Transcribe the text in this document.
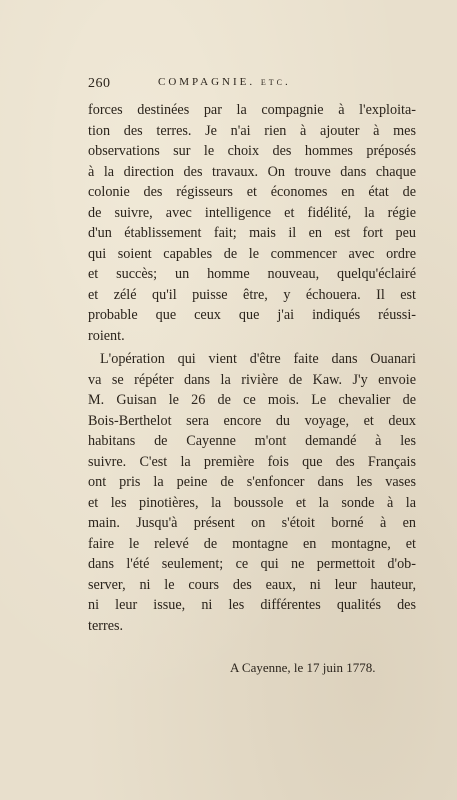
260	COMPAGNIE. etc.
forces destinées par la compagnie à l'exploita-
tion des terres. Je n'ai rien à ajouter à mes
observations sur le choix des hommes préposés
à la direction des travaux. On trouve dans chaque
colonie des régisseurs et économes en état de
de suivre, avec intelligence et fidélité, la régie
d'un établissement fait; mais il en est fort peu
qui soient capables de le commencer avec ordre
et succès; un homme nouveau, quelqu'éclairé
et zélé qu'il puisse être, y échouera. Il est
probable que ceux que j'ai indiqués réussi-
roient.
L'opération qui vient d'être faite dans Ouanari
va se répéter dans la rivière de Kaw. J'y envoie
M. Guisan le 26 de ce mois. Le chevalier de
Bois-Berthelot sera encore du voyage, et deux
habitans de Cayenne m'ont demandé à les
suivre. C'est la première fois que des Français
ont pris la peine de s'enfoncer dans les vases
et les pinotières, la boussole et la sonde à la
main. Jusqu'à présent on s'étoit borné à en
faire le relevé de montagne en montagne, et
dans l'été seulement; ce qui ne permettoit d'ob-
server, ni le cours des eaux, ni leur hauteur,
ni leur issue, ni les différentes qualités des
terres.
A Cayenne, le 17 juin 1778.
